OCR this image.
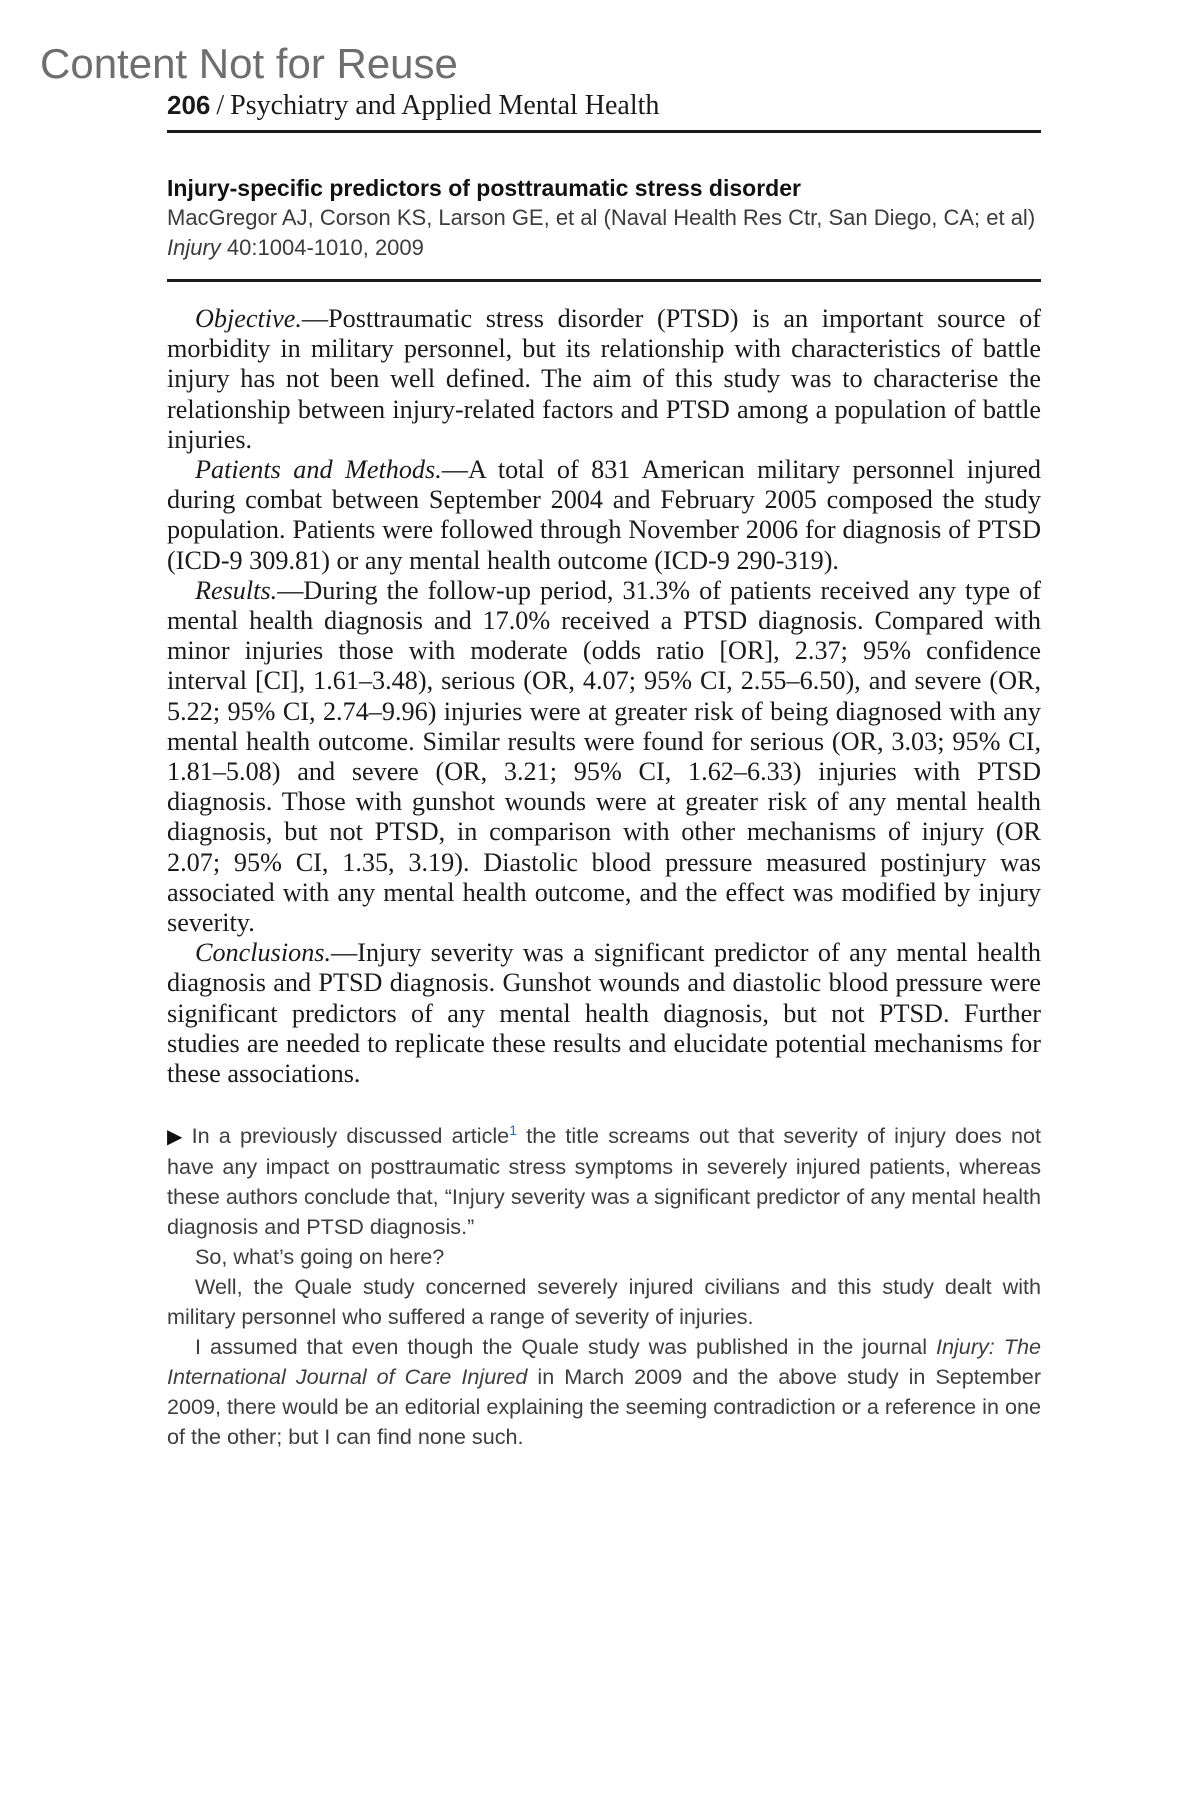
Content Not for Reuse
206 / Psychiatry and Applied Mental Health
Injury-specific predictors of posttraumatic stress disorder
MacGregor AJ, Corson KS, Larson GE, et al (Naval Health Res Ctr, San Diego, CA; et al)
Injury 40:1004-1010, 2009

Objective.—Posttraumatic stress disorder (PTSD) is an important source of morbidity in military personnel, but its relationship with characteristics of battle injury has not been well defined. The aim of this study was to characterise the relationship between injury-related factors and PTSD among a population of battle injuries.

Patients and Methods.—A total of 831 American military personnel injured during combat between September 2004 and February 2005 composed the study population. Patients were followed through November 2006 for diagnosis of PTSD (ICD-9 309.81) or any mental health outcome (ICD-9 290-319).

Results.—During the follow-up period, 31.3% of patients received any type of mental health diagnosis and 17.0% received a PTSD diagnosis. Compared with minor injuries those with moderate (odds ratio [OR], 2.37; 95% confidence interval [CI], 1.61–3.48), serious (OR, 4.07; 95% CI, 2.55–6.50), and severe (OR, 5.22; 95% CI, 2.74–9.96) injuries were at greater risk of being diagnosed with any mental health outcome. Similar results were found for serious (OR, 3.03; 95% CI, 1.81–5.08) and severe (OR, 3.21; 95% CI, 1.62–6.33) injuries with PTSD diagnosis. Those with gunshot wounds were at greater risk of any mental health diagnosis, but not PTSD, in comparison with other mechanisms of injury (OR 2.07; 95% CI, 1.35, 3.19). Diastolic blood pressure measured postinjury was associated with any mental health outcome, and the effect was modified by injury severity.

Conclusions.—Injury severity was a significant predictor of any mental health diagnosis and PTSD diagnosis. Gunshot wounds and diastolic blood pressure were significant predictors of any mental health diagnosis, but not PTSD. Further studies are needed to replicate these results and elucidate potential mechanisms for these associations.

▶ In a previously discussed article$^1$ the title screams out that severity of injury does not have any impact on posttraumatic stress symptoms in severely injured patients, whereas these authors conclude that, “Injury severity was a significant predictor of any mental health diagnosis and PTSD diagnosis.”

So, what’s going on here?

Well, the Quale study concerned severely injured civilians and this study dealt with military personnel who suffered a range of severity of injuries.

I assumed that even though the Quale study was published in the journal Injury: The International Journal of Care Injured in March 2009 and the above study in September 2009, there would be an editorial explaining the seeming contradiction or a reference in one of the other; but I can find none such.
